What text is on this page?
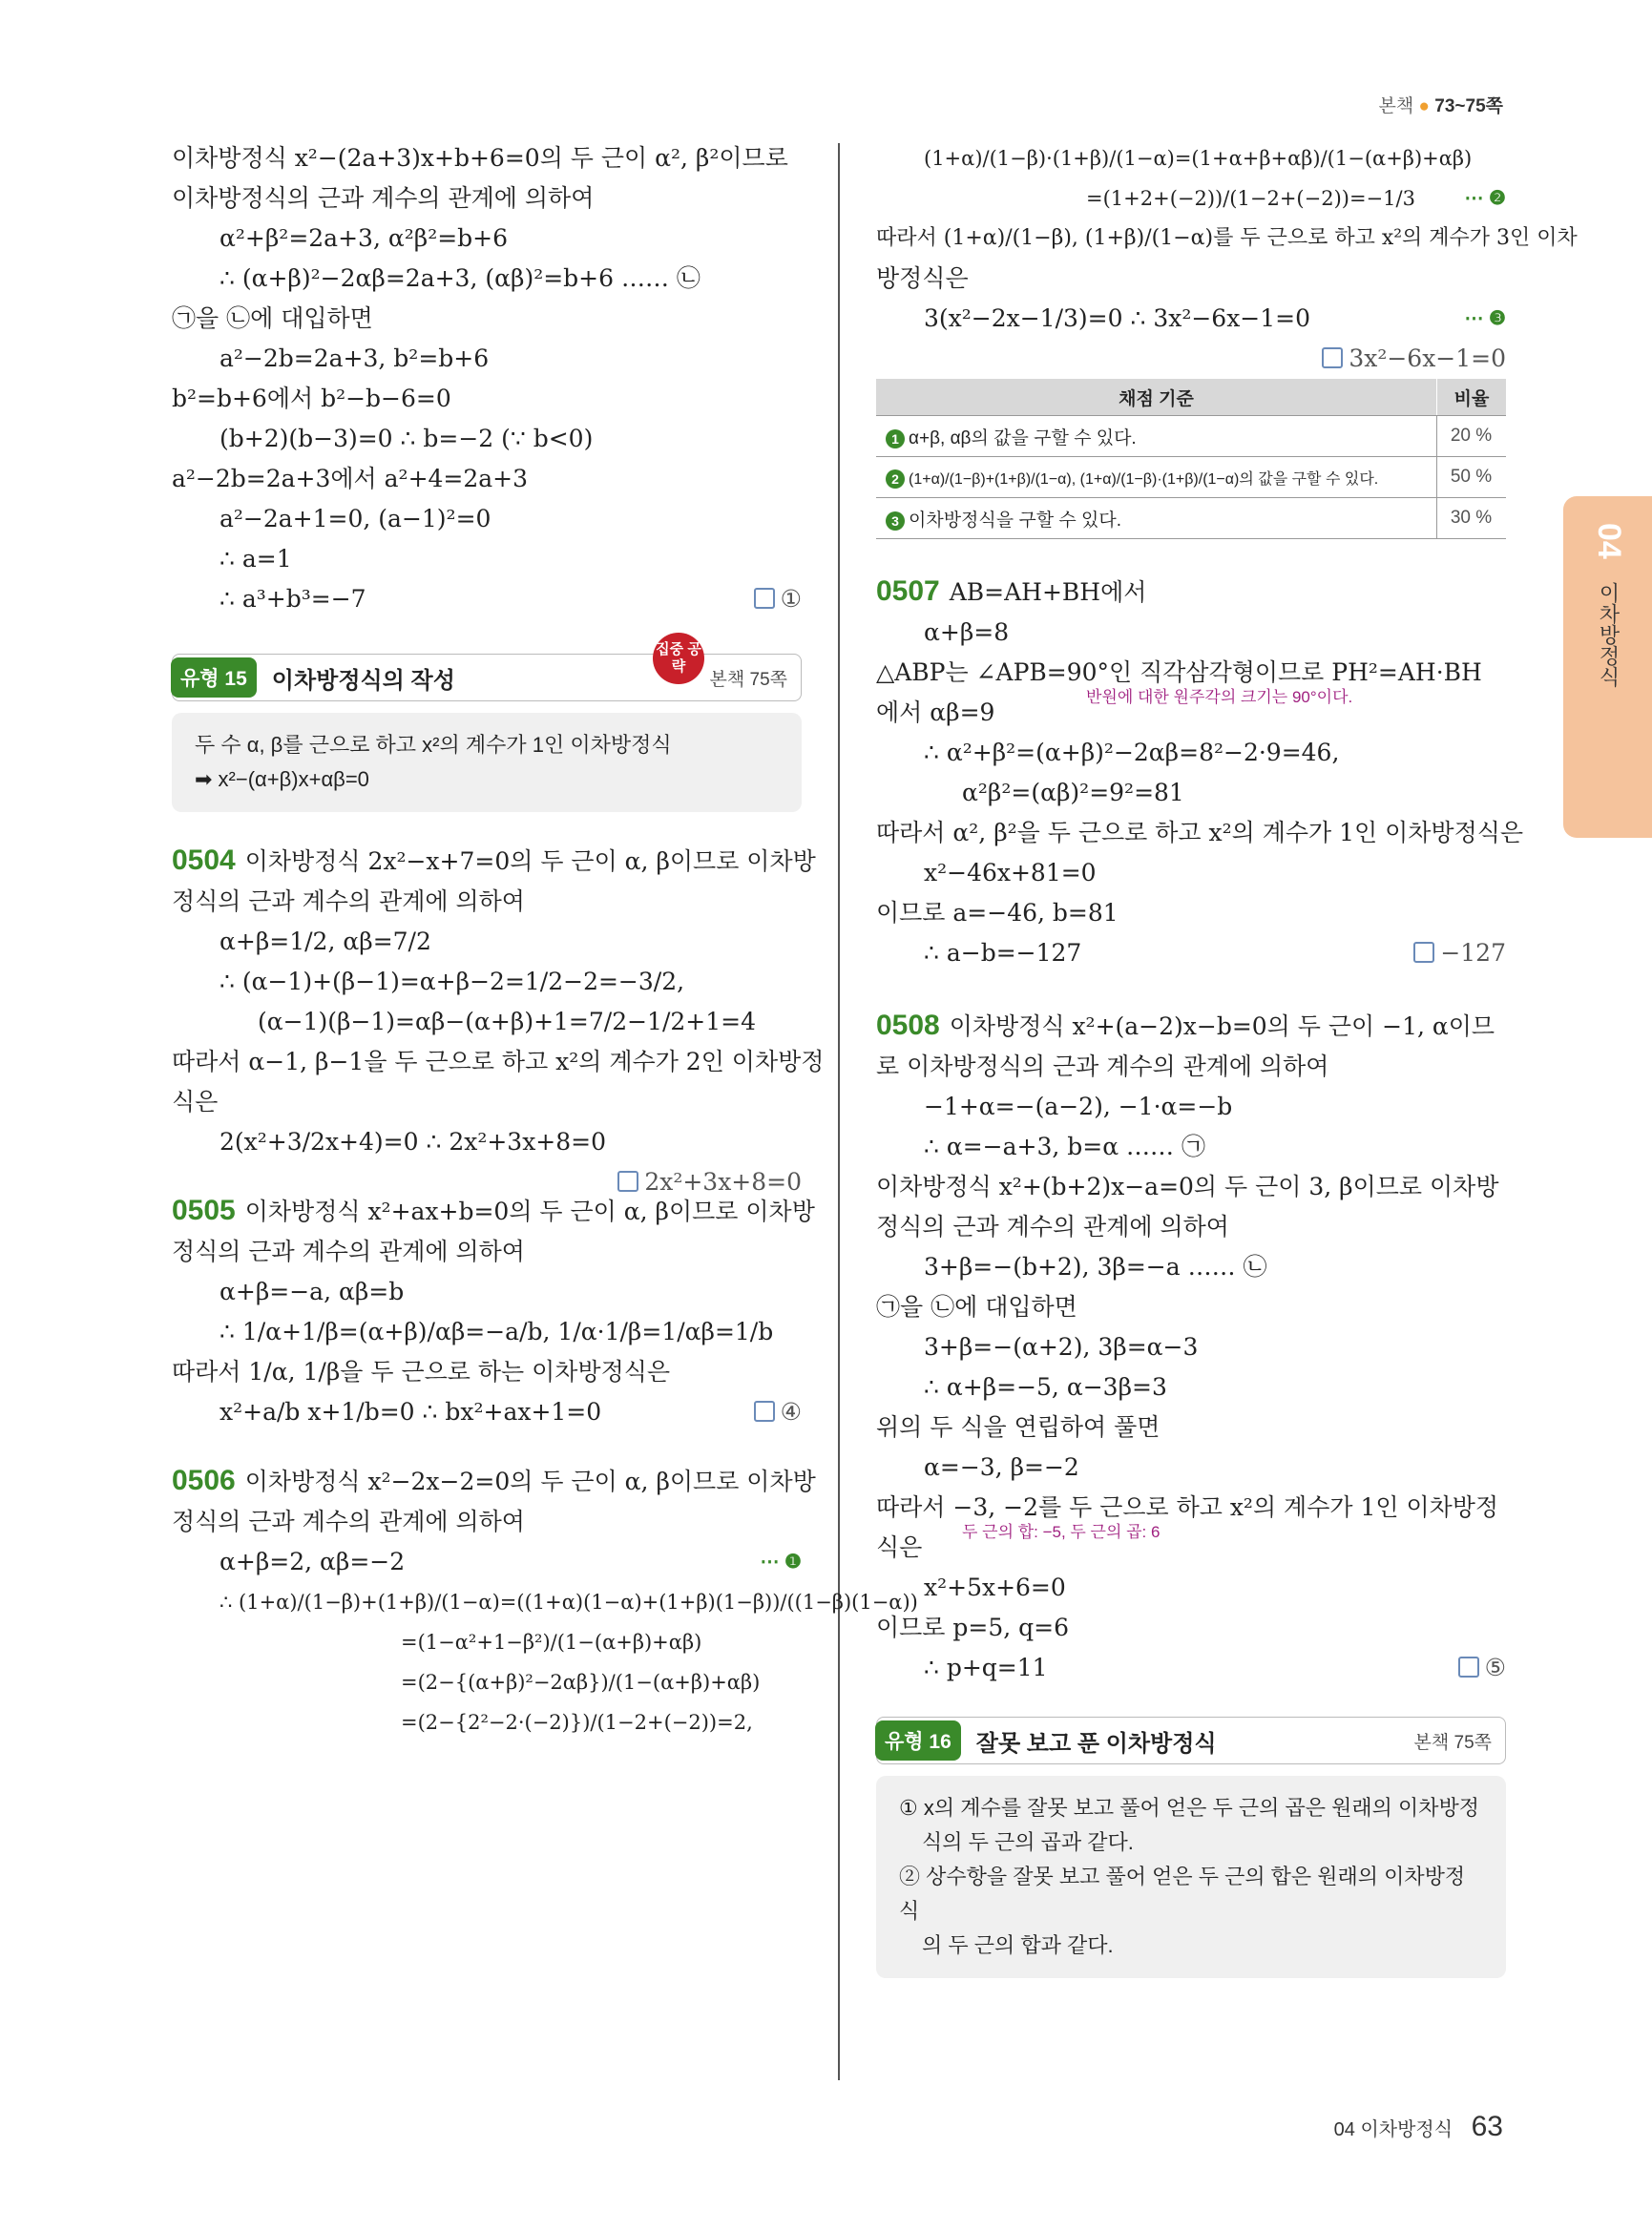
본책 ● 73~75쪽
04
이차방정식
이차방정식 x²−(2a+3)x+b+6=0의 두 근이 α², β²이므로
이차방정식의 근과 계수의 관계에 의하여
α²+β²=2a+3, α²β²=b+6
∴ (α+β)²−2αβ=2a+3, (αβ)²=b+6 …… ㉡
㉠을 ㉡에 대입하면
a²−2b=2a+3, b²=b+6
b²=b+6에서 b²−b−6=0
(b+2)(b−3)=0 ∴ b=−2 (∵ b<0)
a²−2b=2a+3에서 a²+4=2a+3
a²−2a+1=0, (a−1)²=0
∴ a=1
∴ a³+b³=−7	①
유형 15	이차방정식의 작성	본책 75쪽
집중 공략
두 수 α, β를 근으로 하고 x²의 계수가 1인 이차방정식
➡ x²−(α+β)x+αβ=0
0504 이차방정식 2x²−x+7=0의 두 근이 α, β이므로 이차방
정식의 근과 계수의 관계에 의하여
α+β=1/2, αβ=7/2
∴ (α−1)+(β−1)=α+β−2=1/2−2=−3/2,
(α−1)(β−1)=αβ−(α+β)+1=7/2−1/2+1=4
따라서 α−1, β−1을 두 근으로 하고 x²의 계수가 2인 이차방정
식은
2(x²+3/2x+4)=0 ∴ 2x²+3x+8=0
2x²+3x+8=0
0505 이차방정식 x²+ax+b=0의 두 근이 α, β이므로 이차방
정식의 근과 계수의 관계에 의하여
α+β=−a, αβ=b
∴ 1/α+1/β=(α+β)/αβ=−a/b, 1/α·1/β=1/αβ=1/b
따라서 1/α, 1/β을 두 근으로 하는 이차방정식은
x²+a/b x+1/b=0 ∴ bx²+ax+1=0	④
0506 이차방정식 x²−2x−2=0의 두 근이 α, β이므로 이차방
정식의 근과 계수의 관계에 의하여
α+β=2, αβ=−2	⋯ ❶
∴ (1+α)/(1−β)+(1+β)/(1−α)=((1+α)(1−α)+(1+β)(1−β))/((1−β)(1−α))
=(1−α²+1−β²)/(1−(α+β)+αβ)
=(2−{(α+β)²−2αβ})/(1−(α+β)+αβ)
=(2−{2²−2·(−2)})/(1−2+(−2))=2,
(1+α)/(1−β)·(1+β)/(1−α)=(1+α+β+αβ)/(1−(α+β)+αβ)
=(1+2+(−2))/(1−2+(−2))=−1/3	⋯ ❷
따라서 (1+α)/(1−β), (1+β)/(1−α)를 두 근으로 하고 x²의 계수가 3인 이차
방정식은
3(x²−2x−1/3)=0 ∴ 3x²−6x−1=0	⋯ ❸
3x²−6x−1=0
채점 기준	비율
1 α+β, αβ의 값을 구할 수 있다.	20 %
2 (1+α)/(1−β)+(1+β)/(1−α), (1+α)/(1−β)·(1+β)/(1−α)의 값을 구할 수 있다.	50 %
3 이차방정식을 구할 수 있다.	30 %
0507 AB=AH+BH에서
α+β=8
△ABP는 ∠APB=90°인 직각삼각형이므로 PH²=AH·BH
에서 αβ=9
반원에 대한 원주각의 크기는 90°이다.
∴ α²+β²=(α+β)²−2αβ=8²−2·9=46,
α²β²=(αβ)²=9²=81
따라서 α², β²을 두 근으로 하고 x²의 계수가 1인 이차방정식은
x²−46x+81=0
이므로 a=−46, b=81
∴ a−b=−127	−127
0508 이차방정식 x²+(a−2)x−b=0의 두 근이 −1, α이므
로 이차방정식의 근과 계수의 관계에 의하여
−1+α=−(a−2), −1·α=−b
∴ α=−a+3, b=α …… ㉠
이차방정식 x²+(b+2)x−a=0의 두 근이 3, β이므로 이차방
정식의 근과 계수의 관계에 의하여
3+β=−(b+2), 3β=−a …… ㉡
㉠을 ㉡에 대입하면
3+β=−(α+2), 3β=α−3
∴ α+β=−5, α−3β=3
위의 두 식을 연립하여 풀면
α=−3, β=−2
따라서 −3, −2를 두 근으로 하고 x²의 계수가 1인 이차방정
식은
두 근의 합: −5, 두 근의 곱: 6
x²+5x+6=0
이므로 p=5, q=6
∴ p+q=11	⑤
유형 16	잘못 보고 푼 이차방정식	본책 75쪽
① x의 계수를 잘못 보고 풀어 얻은 두 근의 곱은 원래의 이차방정
식의 두 근의 곱과 같다.
② 상수항을 잘못 보고 풀어 얻은 두 근의 합은 원래의 이차방정식
의 두 근의 합과 같다.
04 이차방정식 63
